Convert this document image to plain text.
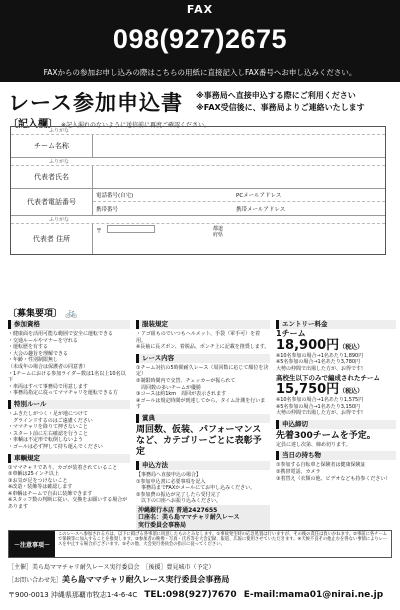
FAX
098(927)2675
FAXからの参加お申し込みの際はこちらの用紙に直接記入しFAX番号へお申し込みください。
レース参加申込書 ※事務局へ直接申込する際にご利用ください
※FAX受信後に、事務局よりご連絡いたします
〔記入欄〕 ※記入漏れのないように送信前に再度ご確認ください。
ふりがな
チーム名称
ふりがな
代表者氏名
代表者電話番号
電話番号(自宅)	PCメールアドレス
携帯番号	携帯メールアドレス
ふりがな
代表者 住所
〒	都道府県
〔募集要項〕 🚲
参加資格
・健康面を活用可能な範囲で安全に運転できる
・交通ルールやマナーを守れる
・運転歴を有する
・大会の趣旨を理解できる
・年齢・性別制限無し
（未成年の場合は保護者の同意書）
・1チームにおける参加ライダー数は1名以上10名以下
・車両はすべて事務局で用意します
・事務局指定に従ってママチャリを運転できる方
特別ルール
・ふきたしがつく・足が地につけて
　グラインドするのはご遠慮ください
・ママチャリを降りて押さないこと
・スタート前に左右確認を行うこと
・車輌は不定形で転倒しないよう
・ゴールは必ず押して持ち運んでください
車輌規定
①ママチャリであり、カゴが装着されていること
②車輌は25インチ以上
③お気が足をつけないこと
※改造・装飾等は確認します
※車輌はチームで自由に装飾できます
※スタッフ数の判断に従い、交換をお願いする場合があります
服装規定
・アゴ紐ものでいつもヘルメット、手袋（軍手可）を着用。
※長袖に長ズボン、着脱品、ポンチ上に記載を推奨します。
レース内容
①チーム対抗の5時間耐久レース（周回数に応じて順位を決定）
②制限時間内で交替、チェッカーが振られて
　周回数の多いチームが優勝
③コースは約1km　周回が表示されます
④ゴールは規定時間が到達してから、タイム計測を行います
賞典
周回数、仮装、パフォーマンスなど、カテゴリーごとに表彰予定
申込方法
【事務局へ直接申込の場合】
①参加申込書に必要事項を記入
　事務局までFAXかメールにてお申し込みください。
②参加費の振込が完了したら受付完了
　以下の口座へお振り込みください。
沖縄銀行本店 普通2427655
口座名：美ら島ママチャリ耐久レース
実行委員会事務局
エントリー料金
1チーム
18,900円（税込）
※10名参加の場合→1名あたり1,890円
※5名参加の場合→1名あたり3,780円
大勢の仲間で出場した方が、お得です!
高校生以下のみで編成されたチーム
15,750円（税込）
※10名参加の場合→1名あたり1,575円
※5名参加の場合→1名あたり3,150円
大勢の仲間で出場した方が、お得です!
申込締切
先着300チームを予定。
定員に達し次第、締め切ります。
当日の持ち物
①参加する自転車と保険者は健康保険証
②携帯電話、カメラ
③着替え（衣類の他、ビデオなども持参ください）
－注意事項－
このレースへ参加される方は、以下に掲げる各事項に同意したものとみなします。①事故発生時の応急処置は行いますが、その後の責任は負いかねます。②事前に各チームで保険等に加入することを推奨します。③参加者の映像・写真・氏名等を大会記録、報道、広報に使用させていただきます。④天候不良その他止むを得ない事情によりレースを中止する場合がございます。⑤その他、大会実行委員会の指示に従ってください。
［主催］美ら島ママチャリ耐久レース実行委員会　［後援］豊見城市（予定）
［お問い合わせ先］美ら島ママチャリ耐久レース実行委員会事務局
〒900-0013 沖縄県那覇市牧志1-4-6-4C　 TEL:098(927)7670　 E-mail:mama01@nirai.ne.jp
